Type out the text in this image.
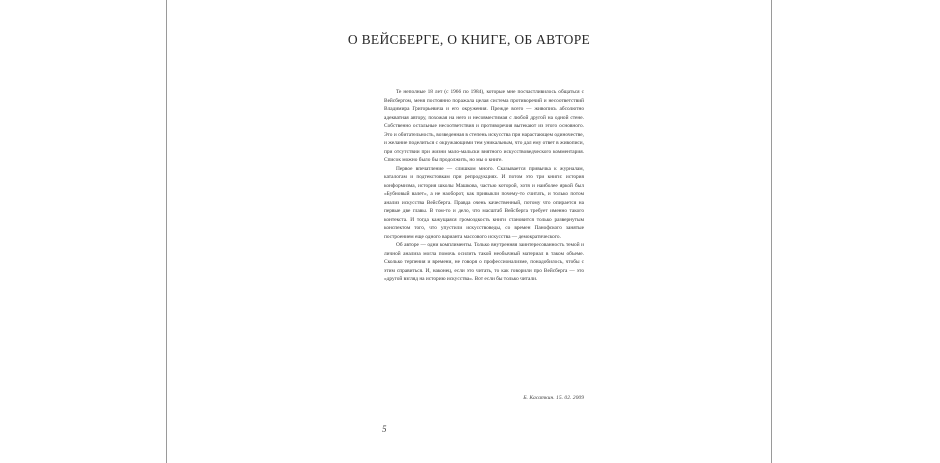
О ВЕЙСБЕРГЕ, О КНИГЕ, ОБ АВТОРЕ

Те неполные 18 лет (с 1966 по 1984), которые мне посчастливилось общаться с Вейсбергом, меня постоянно поражала целая система противоречий и несоответствий Владимира Григорьевича и его окружения. Прежде всего — живопись абсолютно адекватная автору, похожая на него и несовместимая с любой другой на одной стене. Собственно остальные несоответствия и противоречия вытекают из этого основного. Это и обитательность, возведенная в степень искусства при нарастающем одиночестве, и желание поделиться с окружающими тем уникальным, что дал ему ответ в живописи, при отсутствии при жизни мало-мальски внятного искусствоведческого комментария. Список можно было бы продолжить, но мы о книге.

Первое впечатление — слишком много. Сказывается привычка к журналам, каталогам и подтекстовкам при репродукциях. И потом это три книги: история конформизма, история школы Машкова, частью которой, хотя и наиболее яркой был «Бубновый валет», а не наоборот, как привыкли почему-то считать, и только потом анализ искусства Вейсберга. Правда очень качественный, потому что опирается на первые две главы. В том-то и дело, что масштаб Вейсберга требует именно такого контекста. И тогда кажущаяся громоздкость книги становится только развернутым конспектом того, что упустили искусствоведы, со времен Панофского занятые построением еще одного варианта массового искусства — демократического.

Об авторе — одни комплименты. Только внутренняя заинтересованность темой и личной анализа могла помочь осилить такой необычный материал в таком объеме. Сколько терпения и времени, не говоря о профессионализме, понадобилось, чтобы с этим справиться. И, наконец, если это читать, то как говорили про Вейсберга — это «другой взгляд на историю искусства». Вот если бы только читали.

Б. Касаткин. 15. 02. 2009
5
